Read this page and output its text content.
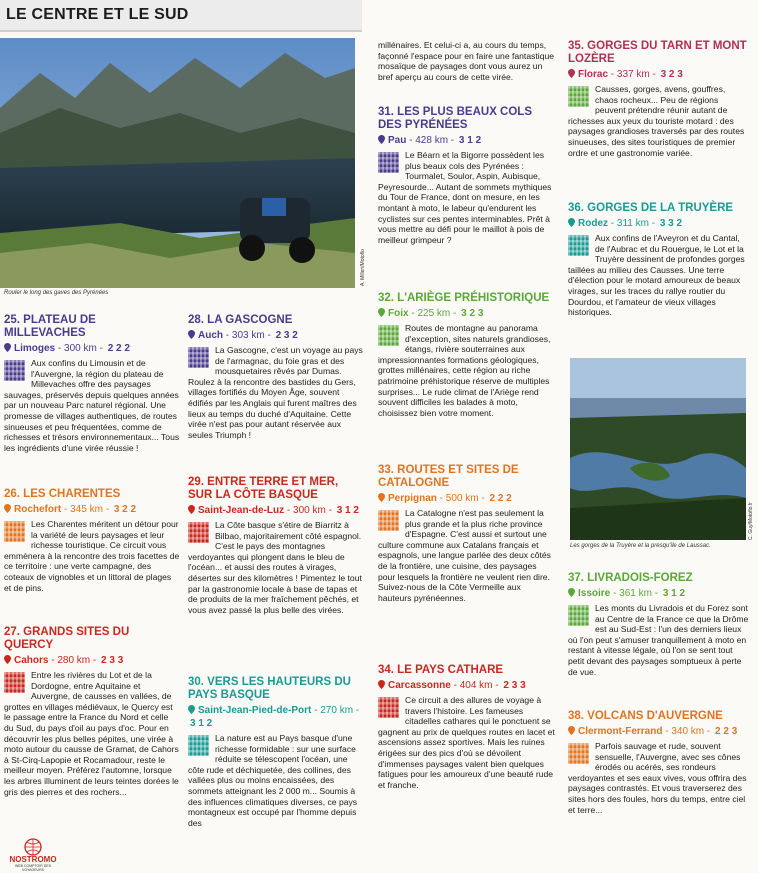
LE CENTRE ET LE SUD
Rouler le long des gaves des Pyrénées
A. Milleri/Motoflo
25. PLATEAU DE MILLEVACHES
Limoges - 300 km - 2 2 2
Aux confins du Limousin et de l'Auvergne, la région du plateau de Millevaches offre des paysages sauvages, préservés depuis quelques années par un nouveau Parc naturel régional. Une promesse de villages authentiques, de routes sinueuses et peu fréquentées, comme de richesses et trésors environnementaux... Tous les ingrédients d'une virée réussie !
26. LES CHARENTES
Rochefort - 345 km - 3 2 2
Les Charentes méritent un détour pour la variété de leurs paysages et leur richesse touristique. Ce circuit vous emmènera à la rencontre des trois facettes de ce territoire : une verte campagne, des coteaux de vignobles et un littoral de plages et de pins.
27. GRANDS SITES DU QUERCY
Cahors - 280 km - 2 3 3
Entre les rivières du Lot et de la Dordogne, entre Aquitaine et Auvergne, de causses en vallées, de grottes en villages médiévaux, le Quercy est le passage entre la France du Nord et celle du Sud, du pays d'oil au pays d'oc. Pour en découvrir les plus belles pépites, une virée à moto autour du causse de Gramat, de Cahors à St-Cirq-Lapopie et Rocamadour, reste le meilleur moyen. Préférez l'automne, lorsque les arbres illuminent de leurs teintes dorées le gris des pierres et des rochers...
28. LA GASCOGNE
Auch - 303 km - 2 3 2
La Gascogne, c'est un voyage au pays de l'armagnac, du foie gras et des mousquetaires rêvés par Dumas. Roulez à la rencontre des bastides du Gers, villages fortifiés du Moyen Âge, souvent édifiés par les Anglais qui furent maîtres des lieux au temps du duché d'Aquitaine. Cette virée n'est pas pour autant réservée aux seules Triumph !
29. ENTRE TERRE ET MER, SUR LA CÔTE BASQUE
Saint-Jean-de-Luz - 300 km - 3 1 2
La Côte basque s'étire de Biarritz à Bilbao, majoritairement côté espagnol. C'est le pays des montagnes verdoyantes qui plongent dans le bleu de l'océan... et aussi des routes à virages, désertes sur des kilomètres ! Pimentez le tout par la gastronomie locale à base de tapas et de produits de la mer fraîchement pêchés, et vous avez passé la plus belle des virées.
30. VERS LES HAUTEURS DU PAYS BASQUE
Saint-Jean-Pied-de-Port - 270 km - 3 1 2
La nature est au Pays basque d'une richesse formidable : sur une surface réduite se télescopent l'océan, une côte rude et déchiquetée, des collines, des vallées plus ou moins encaissées, des sommets atteignant les 2 000 m... Soumis à des influences climatiques diverses, ce pays montagneux est occupé par l'homme depuis des
millénaires. Et celui-ci a, au cours du temps, façonné l'espace pour en faire une fantastique mosaïque de paysages dont vous aurez un bref aperçu au cours de cette virée.
31. LES PLUS BEAUX COLS DES PYRÉNÉES
Pau - 428 km - 3 1 2
Le Béarn et la Bigorre possèdent les plus beaux cols des Pyrénées : Tourmalet, Soulor, Aspin, Aubisque, Peyresourde... Autant de sommets mythiques du Tour de France, dont on mesure, en les montant à moto, le labeur qu'endurent les cyclistes sur ces pentes interminables. Prêt à vous mettre au défi pour le maillot à pois de meilleur grimpeur ?
32. L'ARIÈGE PRÉHISTORIQUE
Foix - 225 km - 3 2 3
Routes de montagne au panorama d'exception, sites naturels grandioses, étangs, rivière souterraines aux impressionnantes formations géologiques, grottes millénaires, cette région au riche patrimoine préhistorique réserve de multiples surprises... Le rude climat de l'Ariège rend souvent difficiles les balades à moto, choisissez bien votre moment.
33. ROUTES ET SITES DE CATALOGNE
Perpignan - 500 km - 2 2 2
La Catalogne n'est pas seulement la plus grande et la plus riche province d'Espagne. C'est aussi et surtout une culture commune aux Catalans français et espagnols, une langue parlée des deux côtés de la frontière, une cuisine, des paysages pour lesquels la frontière ne veulent rien dire. Suivez-nous de la Côte Vermeille aux hauteurs pyrénéennes.
34. LE PAYS CATHARE
Carcassonne - 404 km - 2 3 3
Ce circuit a des allures de voyage à travers l'histoire. Les fameuses citadelles cathares qui le ponctuent se gagnent au prix de quelques routes en lacet et ascensions assez sportives. Mais les ruines érigées sur des pics d'où se dévoilent d'immenses paysages valent bien quelques fatigues pour les amoureux d'une beauté rude et franche.
35. GORGES DU TARN ET MONT LOZÈRE
Florac - 337 km - 3 2 3
Causses, gorges, avens, gouffres, chaos rocheux... Peu de régions peuvent prétendre réunir autant de richesses aux yeux du touriste motard : des paysages grandioses traversés par des routes sinueuses, des sites touristiques de premier ordre et une gastronomie variée.
36. GORGES DE LA TRUYÈRE
Rodez - 311 km - 3 3 2
Aux confins de l'Aveyron et du Cantal, de l'Aubrac et du Rouergue, le Lot et la Truyère dessinent de profondes gorges taillées au milieu des Causses. Une terre d'élection pour le motard amoureux de beaux virages, sur les traces du rallye routier du Dourdou, et l'amateur de vieux villages historiques.
Les gorges de la Truyère et la presqu'île de Laussac.
C. Guy/Motoflo.fr
37. LIVRADOIS-FOREZ
Issoire - 361 km - 3 1 2
Les monts du Livradois et du Forez sont au Centre de la France ce que la Drôme est au Sud-Est : l'un des derniers lieux où l'on peut s'amuser tranquillement à moto en restant à vitesse légale, où l'on se sent tout petit devant des paysages somptueux à perte de vue.
38. VOLCANS D'AUVERGNE
Clermont-Ferrand - 340 km - 2 2 3
Parfois sauvage et rude, souvent sensuelle, l'Auvergne, avec ses cônes érodés ou acérés, ses rondeurs verdoyantes et ses eaux vives, vous offrira des paysages contrastés. Et vous traverserez des sites hors des foules, hors du temps, entre ciel et terre...
NOSTROMO
WEB COMPTOIR DES VOYAGEURS
